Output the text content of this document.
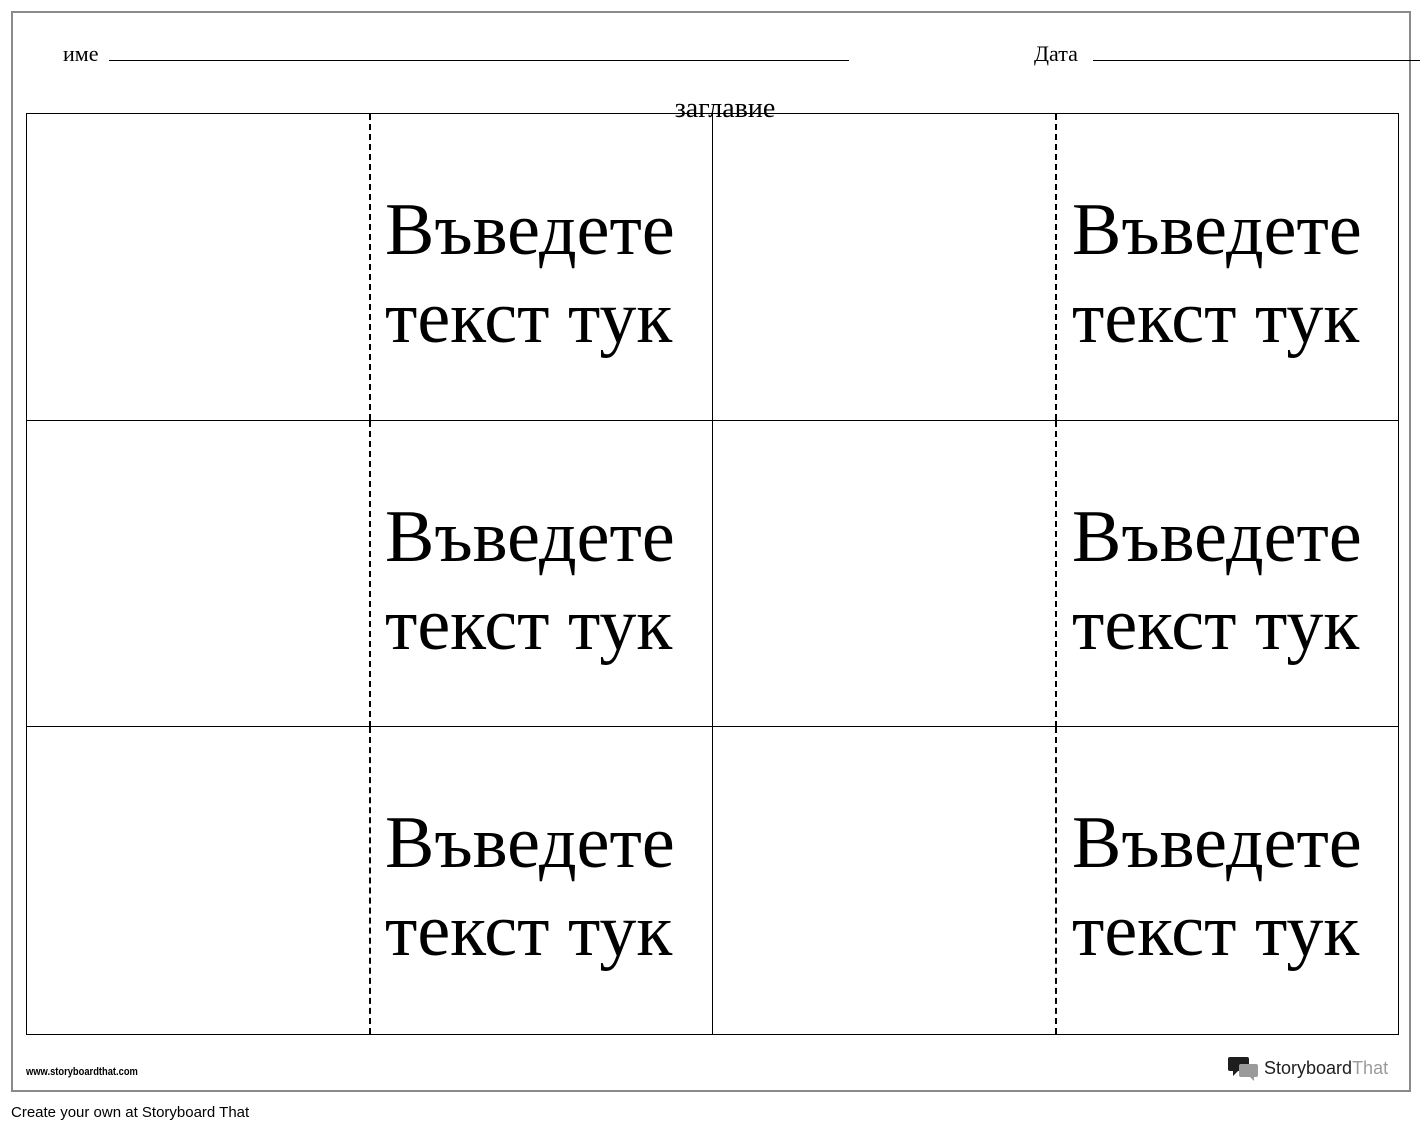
име	Дата
заглавие
Въведете
текст тук
Въведете
текст тук
Въведете
текст тук
Въведете
текст тук
Въведете
текст тук
Въведете
текст тук
www.storyboardthat.com	Storyboard That
Create your own at Storyboard That
